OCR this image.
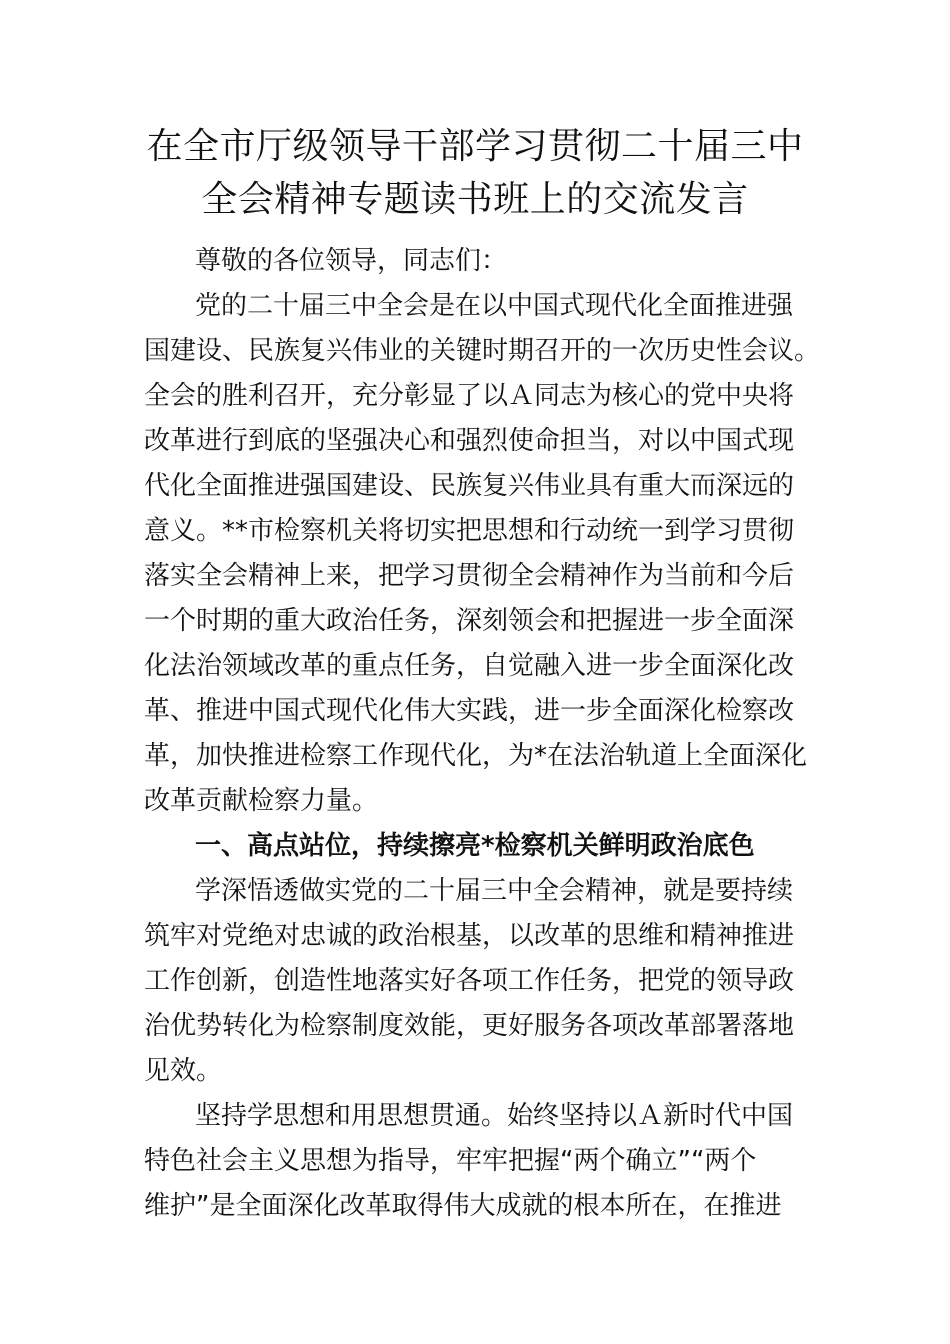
在全市厅级领导干部学习贯彻二十届三中
全会精神专题读书班上的交流发言
尊敬的各位领导，同志们：
党的二十届三中全会是在以中国式现代化全面推进强
国建设、民族复兴伟业的关键时期召开的一次历史性会议。
全会的胜利召开，充分彰显了以Ａ同志为核心的党中央将
改革进行到底的坚强决心和强烈使命担当，对以中国式现
代化全面推进强国建设、民族复兴伟业具有重大而深远的
意义。**市检察机关将切实把思想和行动统一到学习贯彻
落实全会精神上来，把学习贯彻全会精神作为当前和今后
一个时期的重大政治任务，深刻领会和把握进一步全面深
化法治领域改革的重点任务，自觉融入进一步全面深化改
革、推进中国式现代化伟大实践，进一步全面深化检察改
革，加快推进检察工作现代化，为*在法治轨道上全面深化
改革贡献检察力量。
一、高点站位，持续擦亮*检察机关鲜明政治底色
学深悟透做实党的二十届三中全会精神，就是要持续
筑牢对党绝对忠诚的政治根基，以改革的思维和精神推进
工作创新，创造性地落实好各项工作任务，把党的领导政
治优势转化为检察制度效能，更好服务各项改革部署落地
见效。
坚持学思想和用思想贯通。始终坚持以Ａ新时代中国
特色社会主义思想为指导，牢牢把握“两个确立”“两个
维护”是全面深化改革取得伟大成就的根本所在，在推进
